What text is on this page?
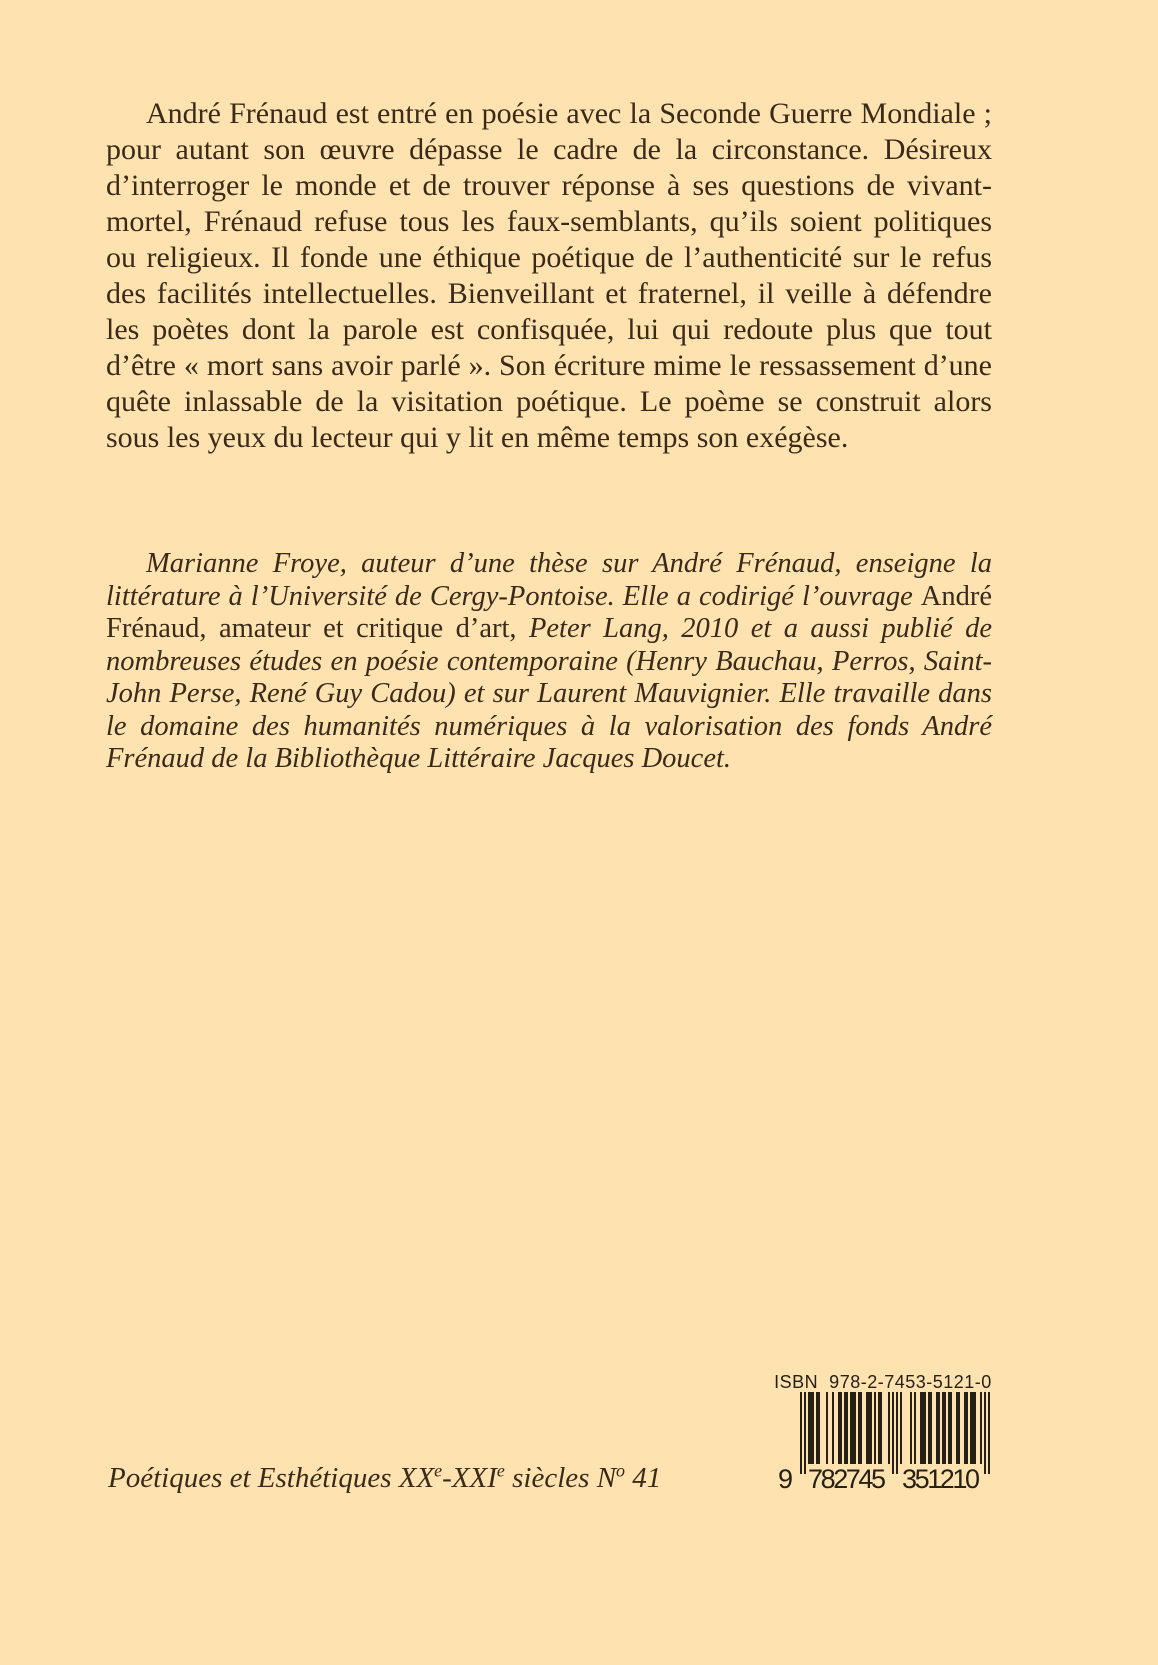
André Frénaud est entré en poésie avec la Seconde Guerre Mondiale ; pour autant son œuvre dépasse le cadre de la circonstance. Désireux d’interroger le monde et de trouver réponse à ses questions de vivant-mortel, Frénaud refuse tous les faux-semblants, qu’ils soient politiques ou religieux. Il fonde une éthique poétique de l’authenticité sur le refus des facilités intellectuelles. Bienveillant et fraternel, il veille à défendre les poètes dont la parole est confisquée, lui qui redoute plus que tout d’être « mort sans avoir parlé ». Son écriture mime le ressassement d’une quête inlassable de la visitation poétique. Le poème se construit alors sous les yeux du lecteur qui y lit en même temps son exégèse.

Marianne Froye, auteur d’une thèse sur André Frénaud, enseigne la littérature à l’Université de Cergy-Pontoise. Elle a codirigé l’ouvrage André Frénaud, amateur et critique d’art, Peter Lang, 2010 et a aussi publié de nombreuses études en poésie contemporaine (Henry Bauchau, Perros, Saint-John Perse, René Guy Cadou) et sur Laurent Mauvignier. Elle travaille dans le domaine des humanités numériques à la valorisation des fonds André Frénaud de la Bibliothèque Littéraire Jacques Doucet.

Poétiques et Esthétiques XXe-XXIe siècles $N^o$ 41
ISBN  978-2-7453-5121-0
9 782745 351210
